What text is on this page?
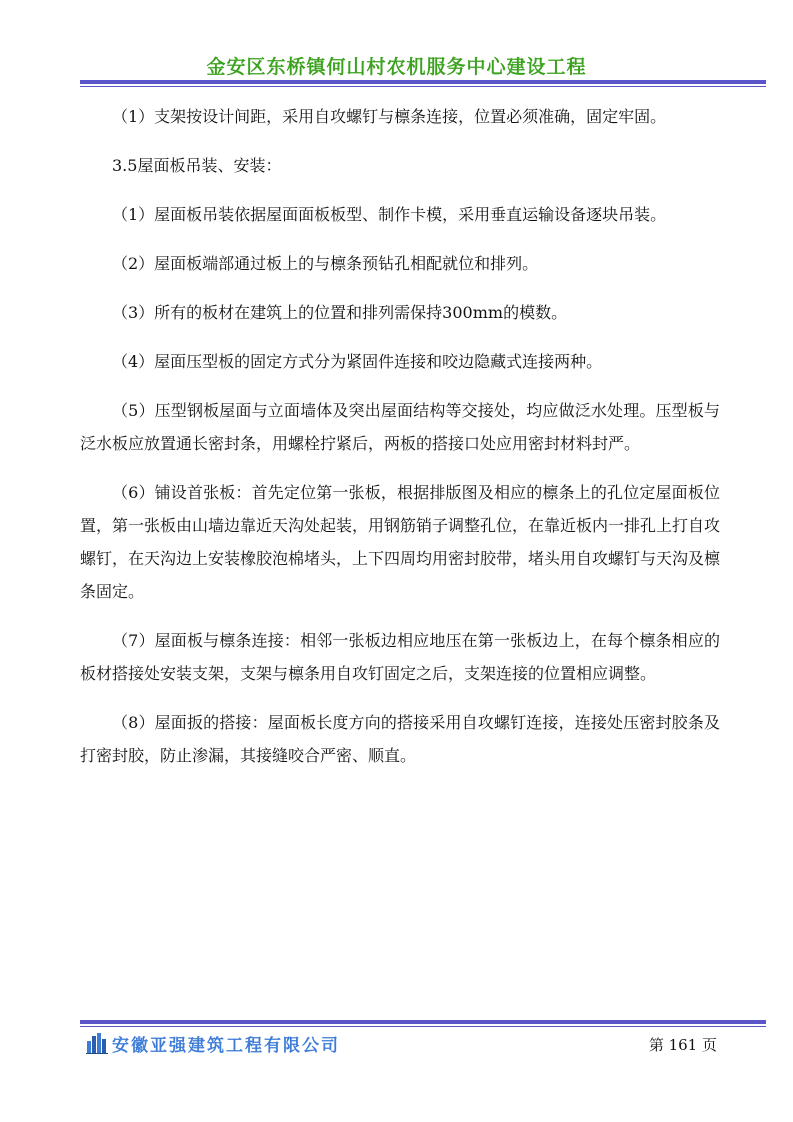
金安区东桥镇何山村农机服务中心建设工程

（1）支架按设计间距，采用自攻螺钉与檩条连接，位置必须准确，固定牢固。

3.5屋面板吊装、安装：

（1）屋面板吊装依据屋面面板板型、制作卡模，采用垂直运输设备逐块吊装。

（2）屋面板端部通过板上的与檩条预钻孔相配就位和排列。

（3）所有的板材在建筑上的位置和排列需保持300mm的模数。

（4）屋面压型板的固定方式分为紧固件连接和咬边隐藏式连接两种。

（5）压型钢板屋面与立面墙体及突出屋面结构等交接处，均应做泛水处理。压型板与泛水板应放置通长密封条，用螺栓拧紧后，两板的搭接口处应用密封材料封严。

（6）铺设首张板：首先定位第一张板，根据排版图及相应的檩条上的孔位定屋面板位置，第一张板由山墙边靠近天沟处起装，用钢筋销子调整孔位，在靠近板内一排孔上打自攻螺钉，在天沟边上安装橡胶泡棉堵头，上下四周均用密封胶带，堵头用自攻螺钉与天沟及檩条固定。

（7）屋面板与檩条连接：相邻一张板边相应地压在第一张板边上，在每个檩条相应的板材搭接处安装支架，支架与檩条用自攻钉固定之后，支架连接的位置相应调整。

（8）屋面扳的搭接：屋面板长度方向的搭接采用自攻螺钉连接，连接处压密封胶条及打密封胶，防止渗漏，其接缝咬合严密、顺直。

安徽亚强建筑工程有限公司	第 161 页
